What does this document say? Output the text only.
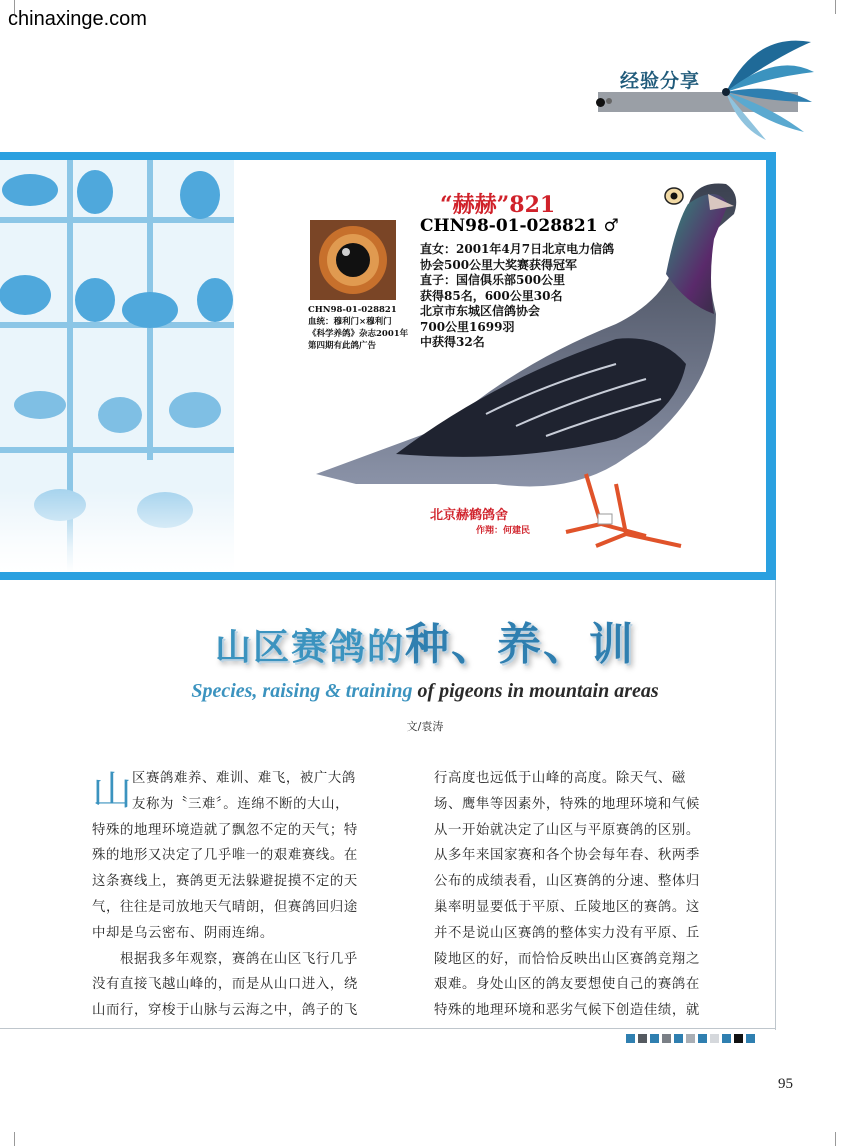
chinaxinge.com
经验分享
“赫赫”821
CHN98-01-028821 ♂
直女：2001年4月7日北京电力信鸽
协会500公里大奖赛获得冠军
直子：国信俱乐部500公里
获得85名，600公里30名
北京市东城区信鸽协会
700公里1699羽
中获得32名
CHN98-01-028821
血统：穆利门×穆利门
《科学养鸽》杂志2001年
第四期有此鸽广告
北京赫鹤鸽舍
作翔：何建民
山区赛鸽的种、养、训
Species, raising & training of pigeons in mountain areas
文/袁涛
山 区赛鸽难养、难训、难飞，被广大鸽
友称为〝三难〞。连绵不断的大山，
特殊的地理环境造就了飘忽不定的天气；特
殊的地形又决定了几乎唯一的艰难赛线。在
这条赛线上，赛鸽更无法躲避捉摸不定的天
气，往往是司放地天气晴朗，但赛鸽回归途
中却是乌云密布、阴雨连绵。
　　根据我多年观察，赛鸽在山区飞行几乎
没有直接飞越山峰的，而是从山口进入，绕
山而行，穿梭于山脉与云海之中，鸽子的飞
行高度也远低于山峰的高度。除天气、磁
场、鹰隼等因素外，特殊的地理环境和气候
从一开始就决定了山区与平原赛鸽的区别。
从多年来国家赛和各个协会每年春、秋两季
公布的成绩表看，山区赛鸽的分速、整体归
巢率明显要低于平原、丘陵地区的赛鸽。这
并不是说山区赛鸽的整体实力没有平原、丘
陵地区的好，而恰恰反映出山区赛鸽竞翔之
艰难。身处山区的鸽友要想使自己的赛鸽在
特殊的地理环境和恶劣气候下创造佳绩，就
95
